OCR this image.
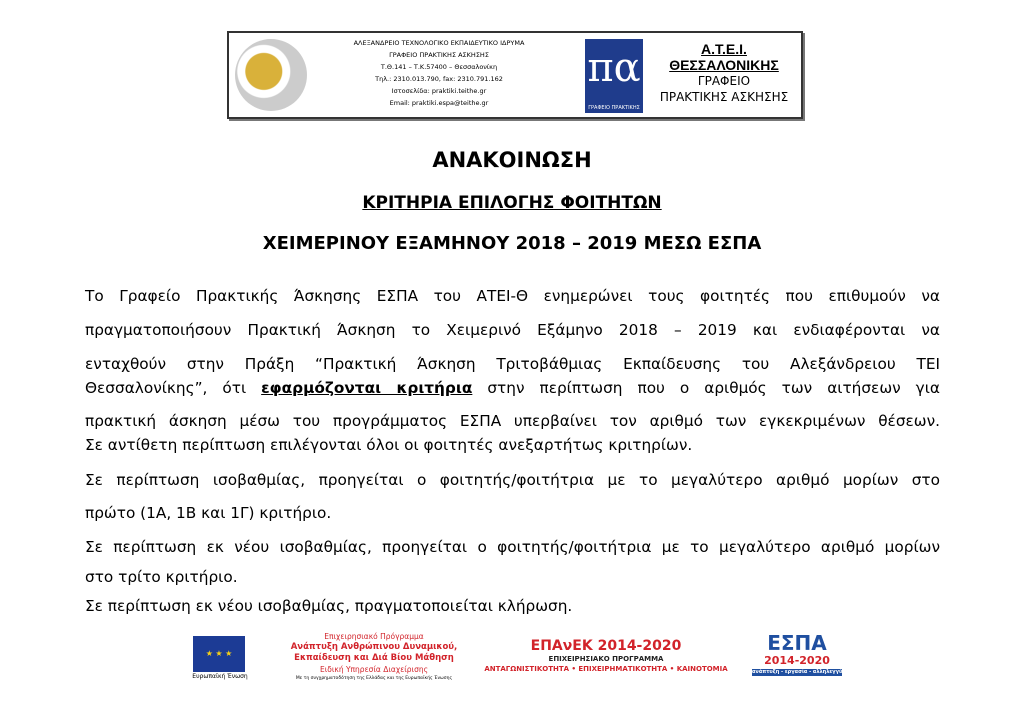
ΑΛΕΞΑΝΔΡΕΙΟ ΤΕΧΝΟΛΟΓΙΚΟ ΕΚΠΑΙΔΕΥΤΙΚΟ ΙΔΡΥΜΑ
ΓΡΑΦΕΙΟ ΠΡΑΚΤΙΚΗΣ ΑΣΚΗΣΗΣ
Τ.Θ.141 – Τ.Κ.57400 – Θεσσαλονίκη
Τηλ.: 2310.013.790, fax: 2310.791.162
Ιστοσελίδα: praktiki.teithe.gr
Email: praktiki.espa@teithe.gr
πα
ΓΡΑΦΕΙΟ ΠΡΑΚΤΙΚΗΣ
Α.Τ.Ε.Ι. ΘΕΣΣΑΛΟΝΙΚΗΣ
ΓΡΑΦΕΙΟ
ΠΡΑΚΤΙΚΗΣ ΑΣΚΗΣΗΣ
ΑΝΑΚΟΙΝΩΣΗ
ΚΡΙΤΗΡΙΑ ΕΠΙΛΟΓΗΣ ΦΟΙΤΗΤΩΝ
ΧΕΙΜΕΡΙΝΟΥ ΕΞΑΜΗΝΟΥ 2018 – 2019 ΜΕΣΩ ΕΣΠΑ
Το Γραφείο Πρακτικής Άσκησης ΕΣΠΑ του ΑΤΕΙ-Θ ενημερώνει τους φοιτητές που επιθυμούν να
πραγματοποιήσουν Πρακτική Άσκηση το Χειμερινό Εξάμηνο 2018 – 2019 και ενδιαφέρονται να
ενταχθούν στην Πράξη “Πρακτική Άσκηση Τριτοβάθμιας Εκπαίδευσης του Αλεξάνδρειου ΤΕΙ
Θεσσαλονίκης”, ότι εφαρμόζονται κριτήρια στην περίπτωση που ο αριθμός των αιτήσεων για
πρακτική άσκηση μέσω του προγράμματος ΕΣΠΑ υπερβαίνει τον αριθμό των εγκεκριμένων θέσεων.
Σε αντίθετη περίπτωση επιλέγονται όλοι οι φοιτητές ανεξαρτήτως κριτηρίων.
Σε περίπτωση ισοβαθμίας, προηγείται ο φοιτητής/φοιτήτρια με το μεγαλύτερο αριθμό μορίων στο
πρώτο (1Α, 1Β και 1Γ) κριτήριο.
Σε περίπτωση εκ νέου ισοβαθμίας, προηγείται ο φοιτητής/φοιτήτρια με το μεγαλύτερο αριθμό μορίων
στο τρίτο κριτήριο.
Σε περίπτωση εκ νέου ισοβαθμίας, πραγματοποιείται κλήρωση.
★ ★ ★
Ευρωπαϊκή Ένωση
Επιχειρησιακό Πρόγραμμα
Ανάπτυξη Ανθρώπινου Δυναμικού,
Εκπαίδευση και Διά Βίου Μάθηση
Ειδική Υπηρεσία Διαχείρισης
Με τη συγχρηματοδότηση της Ελλάδας και της Ευρωπαϊκής Ένωσης
ΕΠΑνΕΚ 2014-2020
ΕΠΙΧΕΙΡΗΣΙΑΚΟ ΠΡΟΓΡΑΜΜΑ
ΑΝΤΑΓΩΝΙΣΤΙΚΟΤΗΤΑ • ΕΠΙΧΕΙΡΗΜΑΤΙΚΟΤΗΤΑ • ΚΑΙΝΟΤΟΜΙΑ
ΕΣΠΑ
2014-2020
ανάπτυξη - εργασία - αλληλεγγύη
